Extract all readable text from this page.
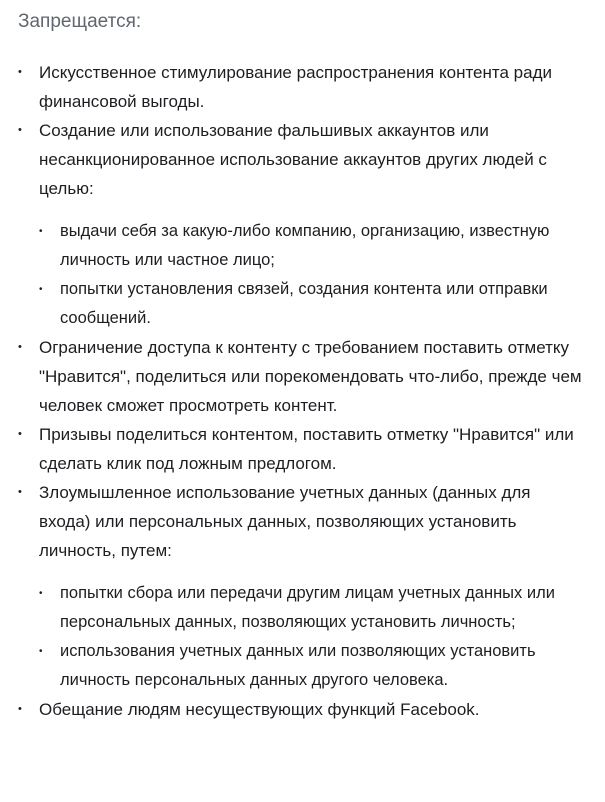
Запрещается:
•	Искусственное стимулирование распространения контента ради финансовой выгоды.
•	Создание или использование фальшивых аккаунтов или несанкционированное использование аккаунтов других людей с целью:
•	выдачи себя за какую-либо компанию, организацию, известную личность или частное лицо;
•	попытки установления связей, создания контента или отправки сообщений.
•	Ограничение доступа к контенту с требованием поставить отметку "Нравится", поделиться или порекомендовать что-либо, прежде чем человек сможет просмотреть контент.
•	Призывы поделиться контентом, поставить отметку "Нравится" или сделать клик под ложным предлогом.
•	Злоумышленное использование учетных данных (данных для входа) или персональных данных, позволяющих установить личность, путем:
•	попытки сбора или передачи другим лицам учетных данных или персональных данных, позволяющих установить личность;
•	использования учетных данных или позволяющих установить личность персональных данных другого человека.
•	Обещание людям несуществующих функций Facebook.
